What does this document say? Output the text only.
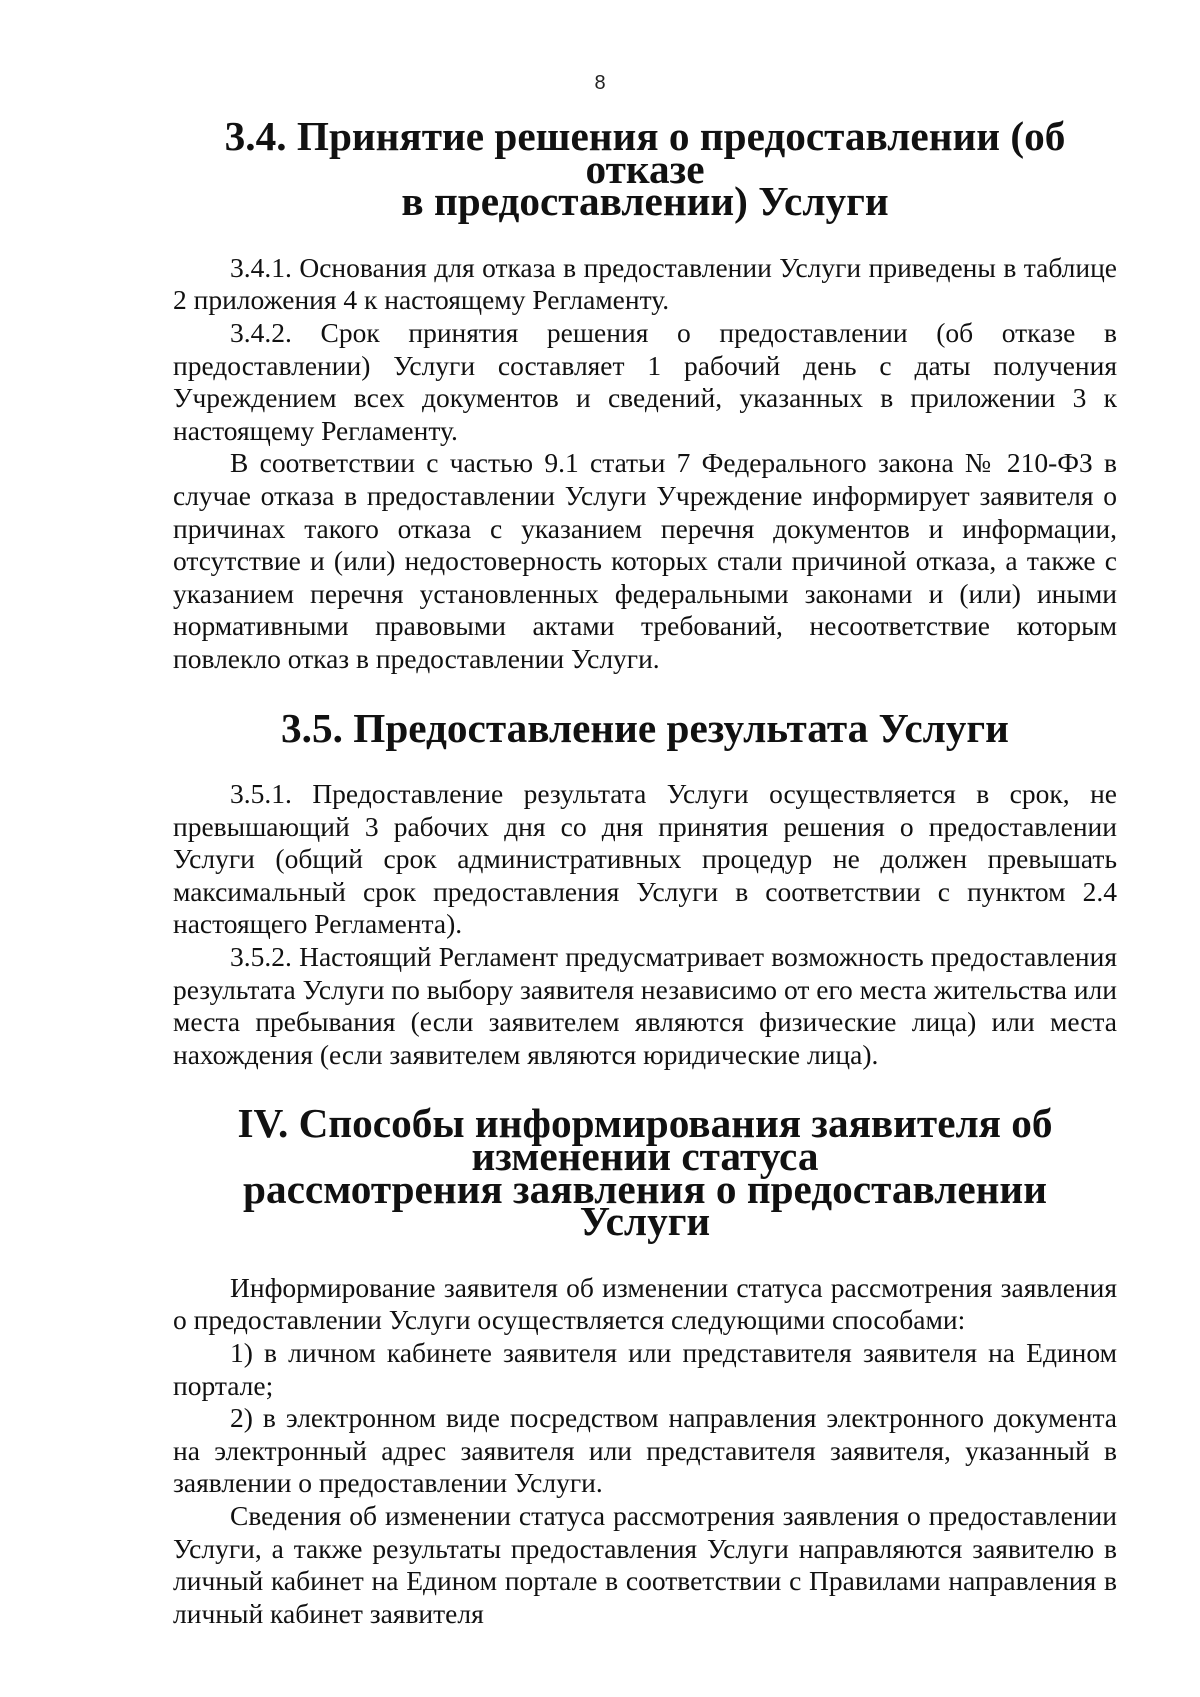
8
3.4. Принятие решения о предоставлении (об отказе
в предоставлении) Услуги

3.4.1. Основания для отказа в предоставлении Услуги приведены в таблице 2 приложения 4 к настоящему Регламенту.

3.4.2. Срок принятия решения о предоставлении (об отказе в предоставлении) Услуги составляет 1 рабочий день с даты получения Учреждением всех документов и сведений, указанных в приложении 3 к настоящему Регламенту.

В соответствии с частью 9.1 статьи 7 Федерального закона № 210-ФЗ в случае отказа в предоставлении Услуги Учреждение информирует заявителя о причинах такого отказа с указанием перечня документов и информации, отсутствие и (или) недостоверность которых стали причиной отказа, а также с указанием перечня установленных федеральными законами и (или) иными нормативными правовыми актами требований, несоответствие которым повлекло отказ в предоставлении Услуги.

3.5. Предоставление результата Услуги

3.5.1. Предоставление результата Услуги осуществляется в срок, не превышающий 3 рабочих дня со дня принятия решения о предоставлении Услуги (общий срок административных процедур не должен превышать максимальный срок предоставления Услуги в соответствии с пунктом 2.4 настоящего Регламента).

3.5.2. Настоящий Регламент предусматривает возможность предоставления результата Услуги по выбору заявителя независимо от его места жительства или места пребывания (если заявителем являются физические лица) или места нахождения (если заявителем являются юридические лица).

IV. Способы информирования заявителя об изменении статуса
рассмотрения заявления о предоставлении Услуги

Информирование заявителя об изменении статуса рассмотрения заявления о предоставлении Услуги осуществляется следующими способами:

1) в личном кабинете заявителя или представителя заявителя на Едином портале;

2) в электронном виде посредством направления электронного документа на электронный адрес заявителя или представителя заявителя, указанный в заявлении о предоставлении Услуги.

Сведения об изменении статуса рассмотрения заявления о предоставлении Услуги, а также результаты предоставления Услуги направляются заявителю в личный кабинет на Едином портале в соответствии с Правилами направления в личный кабинет заявителя
